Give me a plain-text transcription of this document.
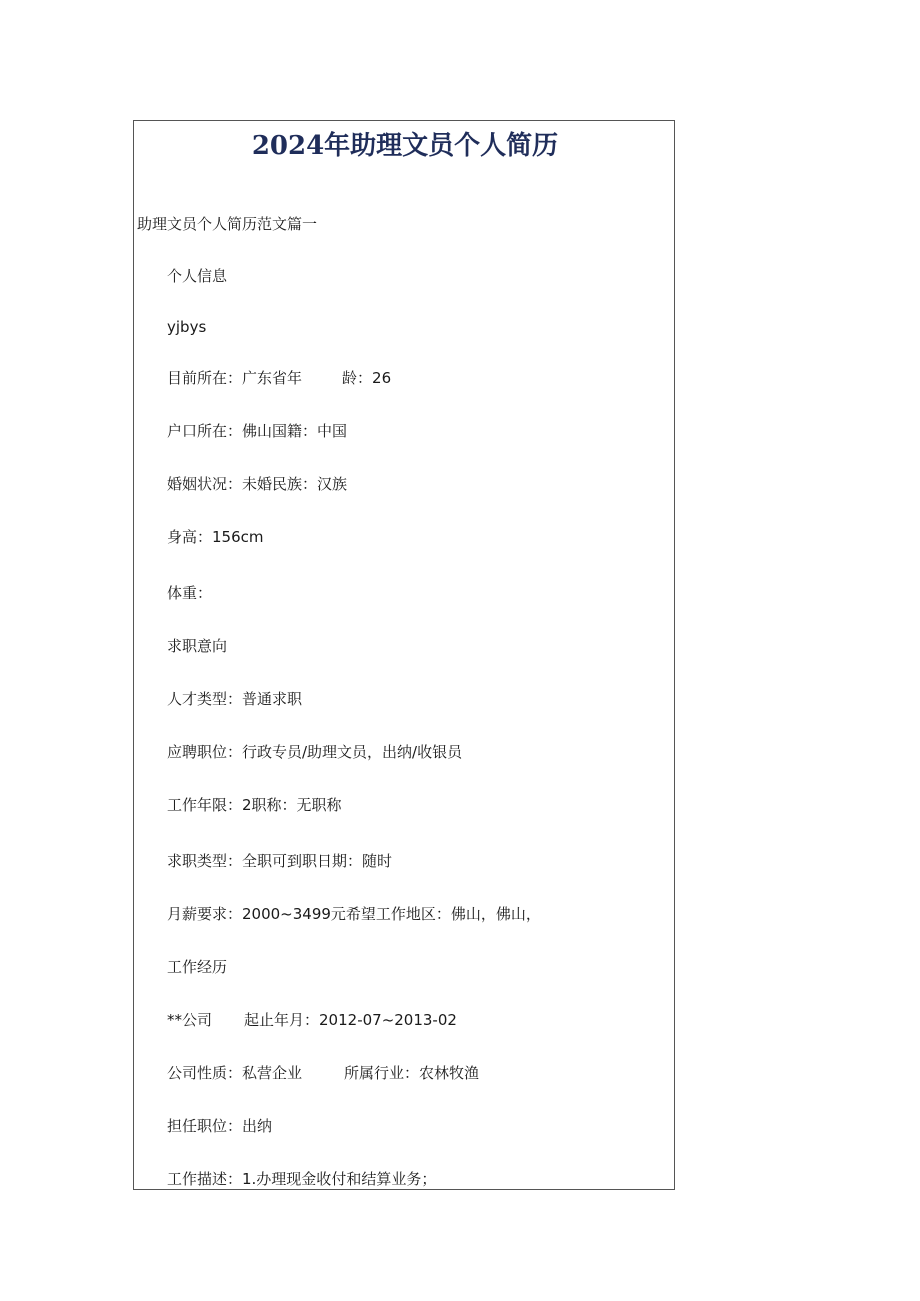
2024年助理文员个人简历

助理文员个人简历范文篇一

个人信息

yjbys

目前所在：广东省年	龄：26

户口所在：佛山国籍：中国

婚姻状况：未婚民族：汉族

身高：156cm

体重：

求职意向

人才类型：普通求职

应聘职位：行政专员/助理文员，出纳/收银员

工作年限：2职称：无职称

求职类型：全职可到职日期：随时

月薪要求：2000~3499元希望工作地区：佛山，佛山，

工作经历

**公司 起止年月：2012-07~2013-02

公司性质：私营企业	所属行业：农林牧渔

担任职位：出纳

工作描述：1.办理现金收付和结算业务；
